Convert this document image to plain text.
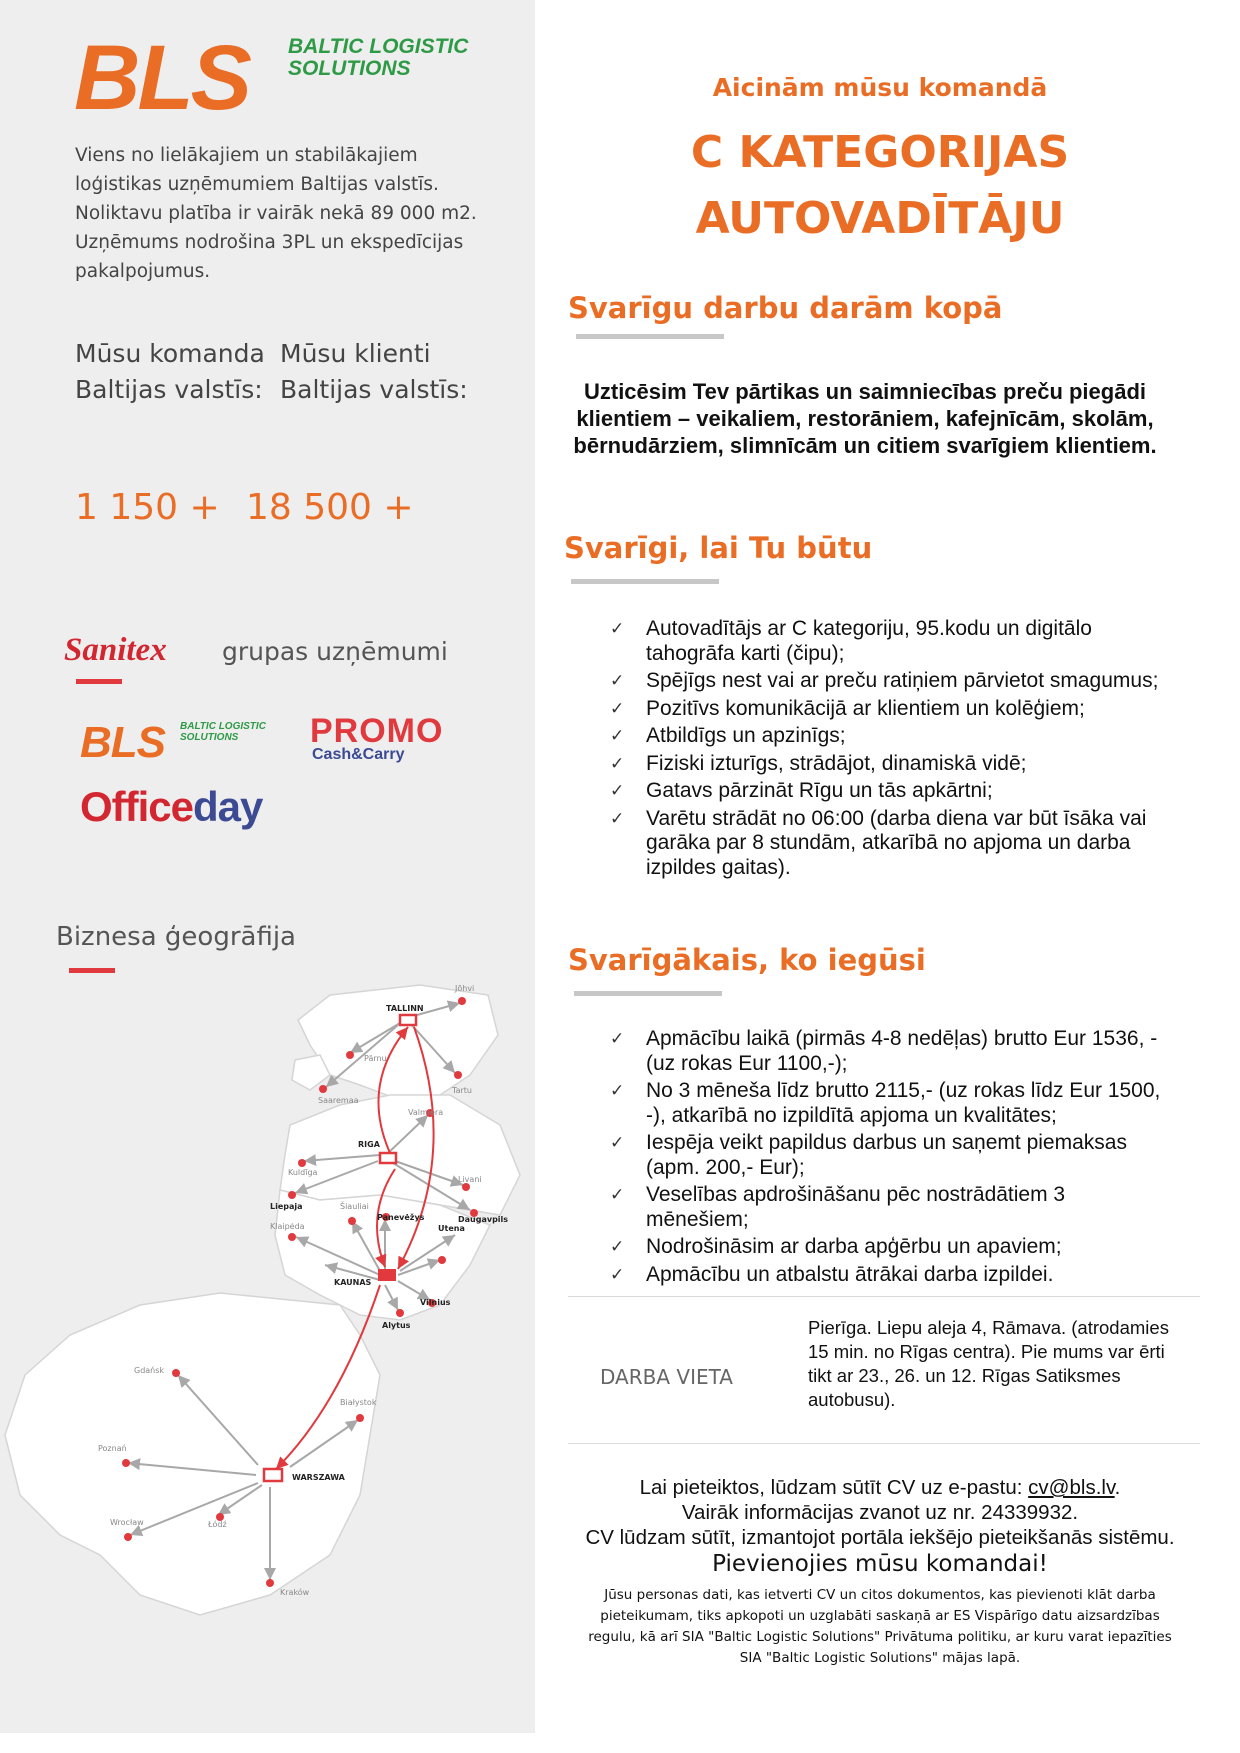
BLS BALTIC LOGISTIC
SOLUTIONS
Viens no lielākajiem un stabilākajiem loģistikas uzņēmumiem Baltijas valstīs. Noliktavu platība ir vairāk nekā 89 000 m2. Uzņēmums nodrošina 3PL un ekspedīcijas pakalpojumus.
Mūsu komanda
Baltijas valstīs:
Mūsu klienti
Baltijas valstīs:
1 150 + 18 500 +
Sanitex grupas uzņēmumi
BLS BALTIC LOGISTIC
SOLUTIONS	PROMO
Cash&Carry
Officeday
Biznesa ģeogrāfija
TALLINN
Jõhvi
Pärnu
Saaremaa
Tartu
Valmiera
RIGA
Kuldīga
Liepaja
Livani
Šiauliai
Panevėžys	Daugavpils
Klaipėda	Utena
KAUNAS
Vilnius
Alytus
Gdańsk
Białystok
Poznań
WARSZAWA
Wrocław	Łódź
Kraków
Aicinām mūsu komandā
C KATEGORIJAS
AUTOVADĪTĀJU
Svarīgu darbu darām kopā
Uzticēsim Tev pārtikas un saimniecības preču piegādi klientiem – veikaliem, restorāniem, kafejnīcām, skolām, bērnudārziem, slimnīcām un citiem svarīgiem klientiem.
Svarīgi, lai Tu būtu
✓ Autovadītājs ar C kategoriju, 95.kodu un digitālo tahogrāfa karti (čipu);
✓ Spējīgs nest vai ar preču ratiņiem pārvietot smagumus;
✓ Pozitīvs komunikācijā ar klientiem un kolēģiem;
✓ Atbildīgs un apzinīgs;
✓ Fiziski izturīgs, strādājot, dinamiskā vidē;
✓ Gatavs pārzināt Rīgu un tās apkārtni;
✓ Varētu strādāt no 06:00 (darba diena var būt īsāka vai garāka par 8 stundām, atkarībā no apjoma un darba izpildes gaitas).
Svarīgākais, ko iegūsi
✓ Apmācību laikā (pirmās 4-8 nedēļas) brutto Eur 1536, - (uz rokas Eur 1100,-);
✓ No 3 mēneša līdz brutto 2115,- (uz rokas līdz Eur 1500, -), atkarībā no izpildītā apjoma un kvalitātes;
✓ Iespēja veikt papildus darbus un saņemt piemaksas (apm. 200,- Eur);
✓ Veselības apdrošināšanu pēc nostrādātiem 3 mēnešiem;
✓ Nodrošināsim ar darba apģērbu un apaviem;
✓ Apmācību un atbalstu ātrākai darba izpildei.
DARBA VIETA
Pierīga. Liepu aleja 4, Rāmava. (atrodamies 15 min. no Rīgas centra). Pie mums var ērti tikt ar 23., 26. un 12. Rīgas Satiksmes autobusu).
Lai pieteiktos, lūdzam sūtīt CV uz e-pastu: cv@bls.lv.
Vairāk informācijas zvanot uz nr. 24339932.
CV lūdzam sūtīt, izmantojot portāla iekšējo pieteikšanās sistēmu.
Pievienojies mūsu komandai!
Jūsu personas dati, kas ietverti CV un citos dokumentos, kas pievienoti klāt darba pieteikumam, tiks apkopoti un uzglabāti saskaņā ar ES Vispārīgo datu aizsardzības regulu, kā arī SIA "Baltic Logistic Solutions" Privātuma politiku, ar kuru varat iepazīties SIA "Baltic Logistic Solutions" mājas lapā.
